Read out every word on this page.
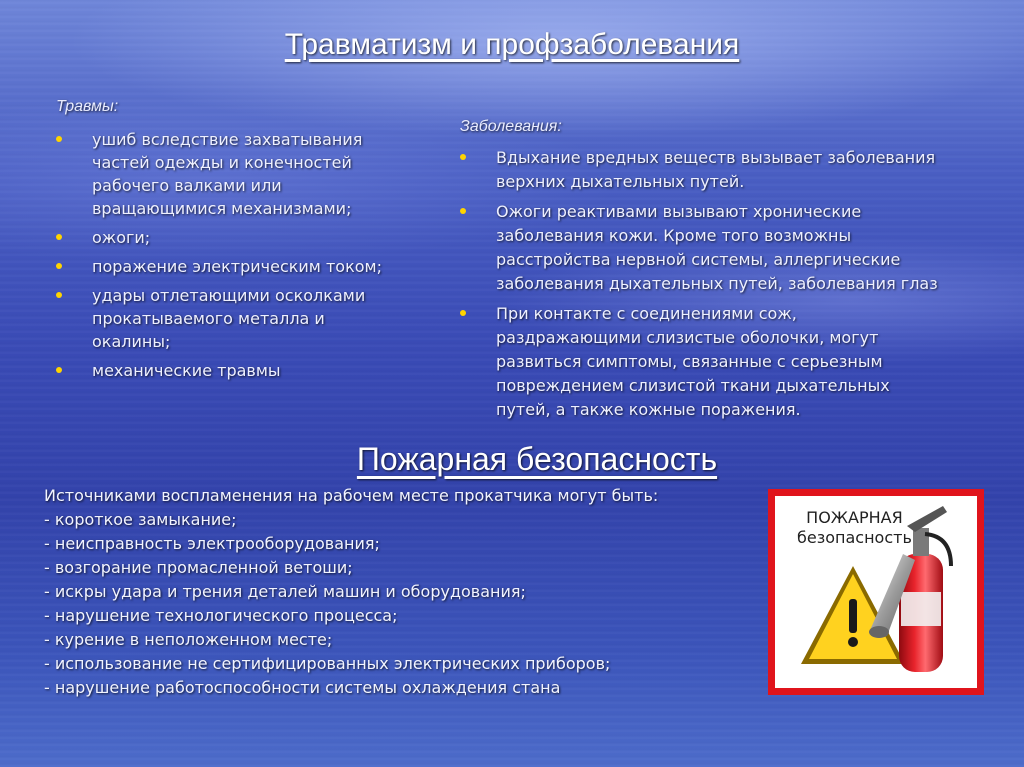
Травматизм и профзаболевания
Травмы:
ушиб вследствие захватывания частей одежды и конечностей рабочего валками или вращающимися механизмами;
ожоги;
поражение электрическим током;
удары отлетающими осколками прокатываемого металла и окалины;
механические травмы
Заболевания:
Вдыхание вредных веществ вызывает заболевания верхних дыхательных путей.
Ожоги реактивами вызывают хронические заболевания кожи. Кроме того возможны расстройства нервной системы, аллергические заболевания дыхательных путей, заболевания глаз
При контакте с соединениями сож, раздражающими слизистые оболочки, могут развиться симптомы, связанные с серьезным повреждением слизистой ткани дыхательных путей, а также кожные поражения.
Пожарная безопасность
Источниками воспламенения на рабочем месте прокатчика могут быть:
- короткое замыкание;
- неисправность электрооборудования;
- возгорание промасленной ветоши;
- искры удара и трения деталей машин и оборудования;
- нарушение технологического процесса;
- курение в неположенном месте;
- использование не сертифицированных электрических приборов;
- нарушение работоспособности системы охлаждения стана
ПОЖАРНАЯ
безопасность
